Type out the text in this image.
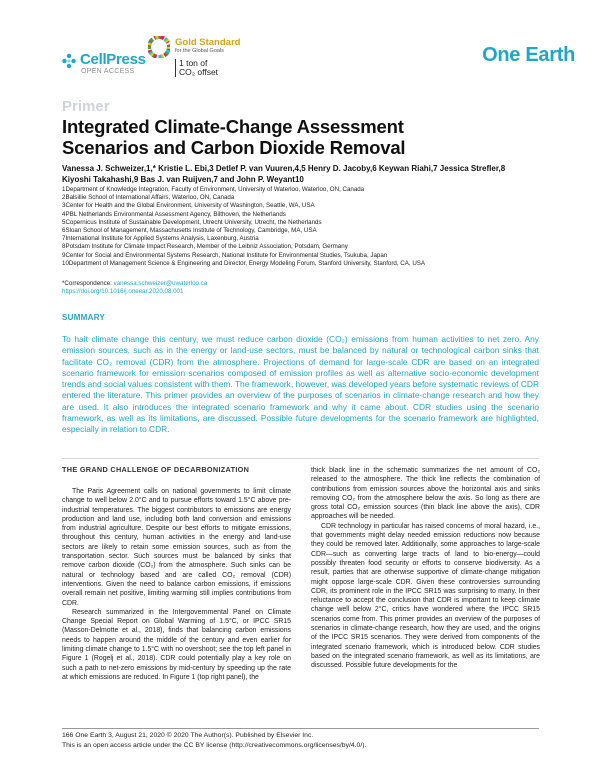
CellPress
OPEN ACCESS
Gold Standard
for the Global Goals
1 ton of
CO₂ offset
One Earth
Primer
Integrated Climate-Change Assessment
Scenarios and Carbon Dioxide Removal
Vanessa J. Schweizer,1,* Kristie L. Ebi,3 Detlef P. van Vuuren,4,5 Henry D. Jacoby,6 Keywan Riahi,7 Jessica Strefler,8
Kiyoshi Takahashi,9 Bas J. van Ruijven,7 and John P. Weyant10
1Department of Knowledge Integration, Faculty of Environment, University of Waterloo, Waterloo, ON, Canada
2Balsillie School of International Affairs, Waterloo, ON, Canada
3Center for Health and the Global Environment, University of Washington, Seattle, WA, USA
4PBL Netherlands Environmental Assessment Agency, Bilthoven, the Netherlands
5Copernicus Institute of Sustainable Development, Utrecht University, Utrecht, the Netherlands
6Sloan School of Management, Massachusetts Institute of Technology, Cambridge, MA, USA
7International Institute for Applied Systems Analysis, Laxenburg, Austria
8Potsdam Institute for Climate Impact Research, Member of the Leibniz Association, Potsdam, Germany
9Center for Social and Environmental Systems Research, National Institute for Environmental Studies, Tsukuba, Japan
10Department of Management Science & Engineering and Director, Energy Modeling Forum, Stanford University, Stanford, CA, USA
*Correspondence: vanessa.schweizer@uwaterloo.ca
https://doi.org/10.1016/j.oneear.2020.08.001
SUMMARY
To halt climate change this century, we must reduce carbon dioxide (CO₂) emissions from human activities to net zero. Any emission sources, such as in the energy or land-use sectors, must be balanced by natural or technological carbon sinks that facilitate CO₂ removal (CDR) from the atmosphere. Projections of demand for large-scale CDR are based on an integrated scenario framework for emission scenarios composed of emission profiles as well as alternative socio-economic development trends and social values consistent with them. The framework, however, was developed years before systematic reviews of CDR entered the literature. This primer provides an overview of the purposes of scenarios in climate-change research and how they are used. It also introduces the integrated scenario framework and why it came about. CDR studies using the scenario framework, as well as its limitations, are discussed. Possible future developments for the scenario framework are highlighted, especially in relation to CDR.
THE GRAND CHALLENGE OF DECARBONIZATION

The Paris Agreement calls on national governments to limit climate change to well below 2.0°C and to pursue efforts toward 1.5°C above pre-industrial temperatures. The biggest contributors to emissions are energy production and land use, including both land conversion and emissions from industrial agriculture. Despite our best efforts to mitigate emissions, throughout this century, human activities in the energy and land-use sectors are likely to retain some emission sources, such as from the transportation sector. Such sources must be balanced by sinks that remove carbon dioxide (CO₂) from the atmosphere. Such sinks can be natural or technology based and are called CO₂ removal (CDR) interventions. Given the need to balance carbon emissions, if emissions overall remain net positive, limiting warming still implies contributions from CDR.

Research summarized in the Intergovernmental Panel on Climate Change Special Report on Global Warming of 1.5°C, or IPCC SR15 (Masson-Delmotte et al., 2018), finds that balancing carbon emissions needs to happen around the middle of the century and even earlier for limiting climate change to 1.5°C with no overshoot; see the top left panel in Figure 1 (Rogelj et al., 2018). CDR could potentially play a key role on such a path to net-zero emissions by mid-century by speeding up the rate at which emissions are reduced. In Figure 1 (top right panel), the

thick black line in the schematic summarizes the net amount of CO₂ released to the atmosphere. The thick line reflects the combination of contributions from emission sources above the horizontal axis and sinks removing CO₂ from the atmosphere below the axis. So long as there are gross total CO₂ emission sources (thin black line above the axis), CDR approaches will be needed.

CDR technology in particular has raised concerns of moral hazard, i.e., that governments might delay needed emission reductions now because they could be removed later. Additionally, some approaches to large-scale CDR—such as converting large tracts of land to bio-energy—could possibly threaten food security or efforts to conserve biodiversity. As a result, parties that are otherwise supportive of climate-change mitigation might oppose large-scale CDR. Given these controversies surrounding CDR, its prominent role in the IPCC SR15 was surprising to many. In their reluctance to accept the conclusion that CDR is important to keep climate change well below 2°C, critics have wondered where the IPCC SR15 scenarios come from. This primer provides an overview of the purposes of scenarios in climate-change research, how they are used, and the origins of the IPCC SR15 scenarios. They were derived from components of the integrated scenario framework, which is introduced below. CDR studies based on the integrated scenario framework, as well as its limitations, are discussed. Possible future developments for the

166 One Earth 3, August 21, 2020 © 2020 The Author(s). Published by Elsevier Inc.
This is an open access article under the CC BY license (http://creativecommons.org/licenses/by/4.0/).
